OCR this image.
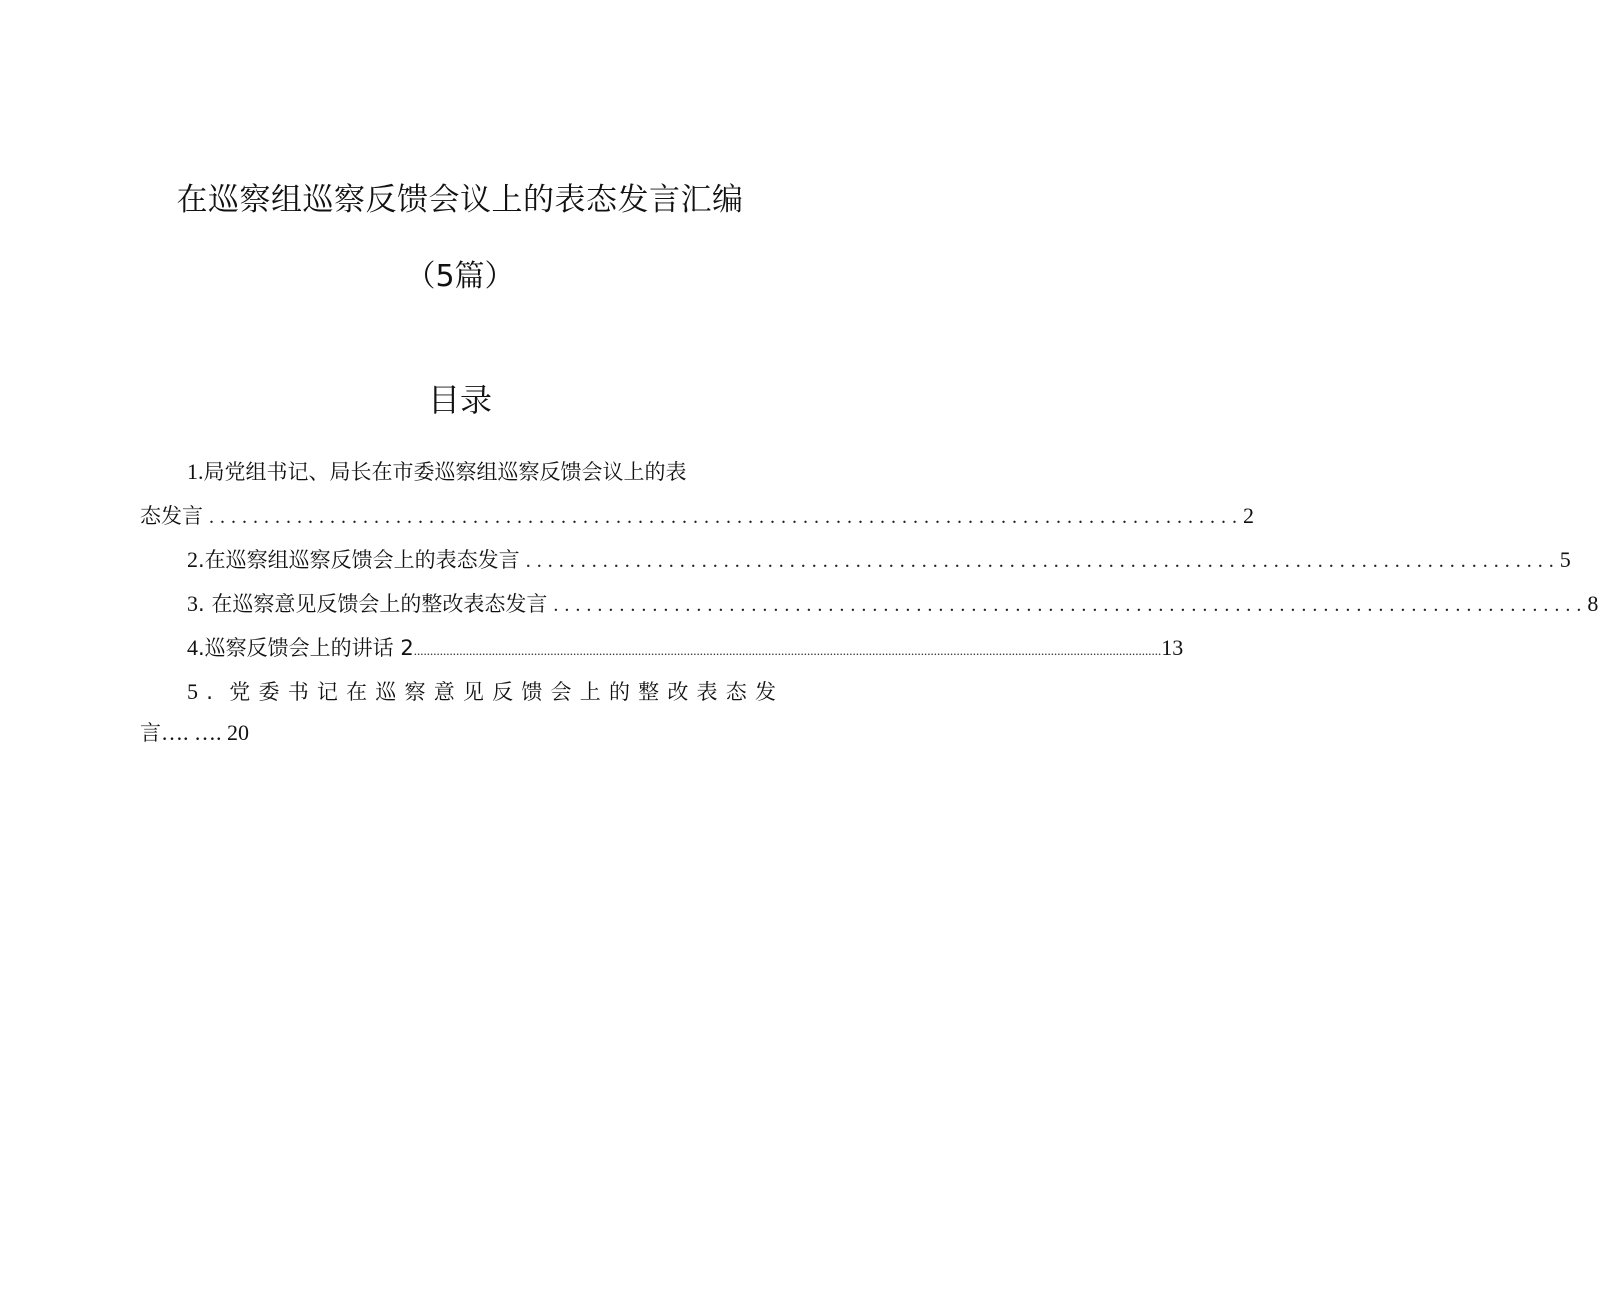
在巡察组巡察反馈会议上的表态发言汇编
（5篇）
目录
1. 局党组书记、局长在市委巡察组巡察反馈会议上的表
态发言 .............................................................................................. 2
2 .在巡察组巡察反馈会上的表态发言 .............................................................................................. 5
3 . 在巡察意见反馈会上的整改表态发言 .............................................................................................. 8
4 .巡察反馈会上的讲话 2 ...................................................................................................................................................................................................................................... 13
5 . 党 委 书 记 在 巡 察 意 见 反 馈 会 上 的 整 改 表 态 发
言…. …. 20
